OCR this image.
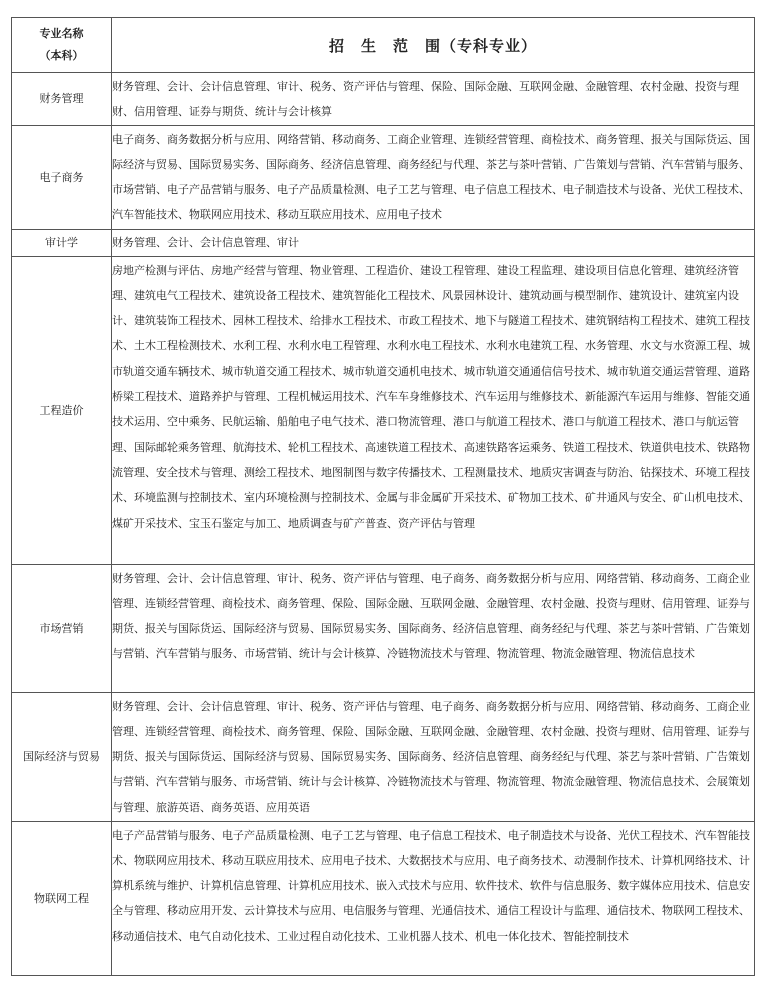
专业名称
（本科）	招　生　范　围（专科专业）
财务管理	财务管理、会计、会计信息管理、审计、税务、资产评估与管理、保险、国际金融、互联网金融、金融管理、农村金融、投资与理财、信用管理、证券与期货、统计与会计核算
电子商务	电子商务、商务数据分析与应用、网络营销、移动商务、工商企业管理、连锁经营管理、商检技术、商务管理、报关与国际货运、国际经济与贸易、国际贸易实务、国际商务、经济信息管理、商务经纪与代理、茶艺与茶叶营销、广告策划与营销、汽车营销与服务、市场营销、电子产品营销与服务、电子产品质量检测、电子工艺与管理、电子信息工程技术、电子制造技术与设备、光伏工程技术、汽车智能技术、物联网应用技术、移动互联应用技术、应用电子技术
审计学	财务管理、会计、会计信息管理、审计
工程造价	房地产检测与评估、房地产经营与管理、物业管理、工程造价、建设工程管理、建设工程监理、建设项目信息化管理、建筑经济管理、建筑电气工程技术、建筑设备工程技术、建筑智能化工程技术、风景园林设计、建筑动画与模型制作、建筑设计、建筑室内设计、建筑装饰工程技术、园林工程技术、给排水工程技术、市政工程技术、地下与隧道工程技术、建筑钢结构工程技术、建筑工程技术、土木工程检测技术、水利工程、水利水电工程管理、水利水电工程技术、水利水电建筑工程、水务管理、水文与水资源工程、城市轨道交通车辆技术、城市轨道交通工程技术、城市轨道交通机电技术、城市轨道交通通信信号技术、城市轨道交通运营管理、道路桥梁工程技术、道路养护与管理、工程机械运用技术、汽车车身维修技术、汽车运用与维修技术、新能源汽车运用与维修、智能交通技术运用、空中乘务、民航运输、船舶电子电气技术、港口物流管理、港口与航道工程技术、港口与航道工程技术、港口与航运管理、国际邮轮乘务管理、航海技术、轮机工程技术、高速铁道工程技术、高速铁路客运乘务、铁道工程技术、铁道供电技术、铁路物流管理、安全技术与管理、测绘工程技术、地图制图与数字传播技术、工程测量技术、地质灾害调查与防治、钻探技术、环境工程技术、环境监测与控制技术、室内环境检测与控制技术、金属与非金属矿开采技术、矿物加工技术、矿井通风与安全、矿山机电技术、煤矿开采技术、宝玉石鉴定与加工、地质调查与矿产普查、资产评估与管理
市场营销	财务管理、会计、会计信息管理、审计、税务、资产评估与管理、电子商务、商务数据分析与应用、网络营销、移动商务、工商企业管理、连锁经营管理、商检技术、商务管理、保险、国际金融、互联网金融、金融管理、农村金融、投资与理财、信用管理、证券与期货、报关与国际货运、国际经济与贸易、国际贸易实务、国际商务、经济信息管理、商务经纪与代理、茶艺与茶叶营销、广告策划与营销、汽车营销与服务、市场营销、统计与会计核算、冷链物流技术与管理、物流管理、物流金融管理、物流信息技术
国际经济与贸易	财务管理、会计、会计信息管理、审计、税务、资产评估与管理、电子商务、商务数据分析与应用、网络营销、移动商务、工商企业管理、连锁经营管理、商检技术、商务管理、保险、国际金融、互联网金融、金融管理、农村金融、投资与理财、信用管理、证券与期货、报关与国际货运、国际经济与贸易、国际贸易实务、国际商务、经济信息管理、商务经纪与代理、茶艺与茶叶营销、广告策划与营销、汽车营销与服务、市场营销、统计与会计核算、冷链物流技术与管理、物流管理、物流金融管理、物流信息技术、会展策划与管理、旅游英语、商务英语、应用英语
物联网工程	电子产品营销与服务、电子产品质量检测、电子工艺与管理、电子信息工程技术、电子制造技术与设备、光伏工程技术、汽车智能技术、物联网应用技术、移动互联应用技术、应用电子技术、大数据技术与应用、电子商务技术、动漫制作技术、计算机网络技术、计算机系统与维护、计算机信息管理、计算机应用技术、嵌入式技术与应用、软件技术、软件与信息服务、数字媒体应用技术、信息安全与管理、移动应用开发、云计算技术与应用、电信服务与管理、光通信技术、通信工程设计与监理、通信技术、物联网工程技术、移动通信技术、电气自动化技术、工业过程自动化技术、工业机器人技术、机电一体化技术、智能控制技术
